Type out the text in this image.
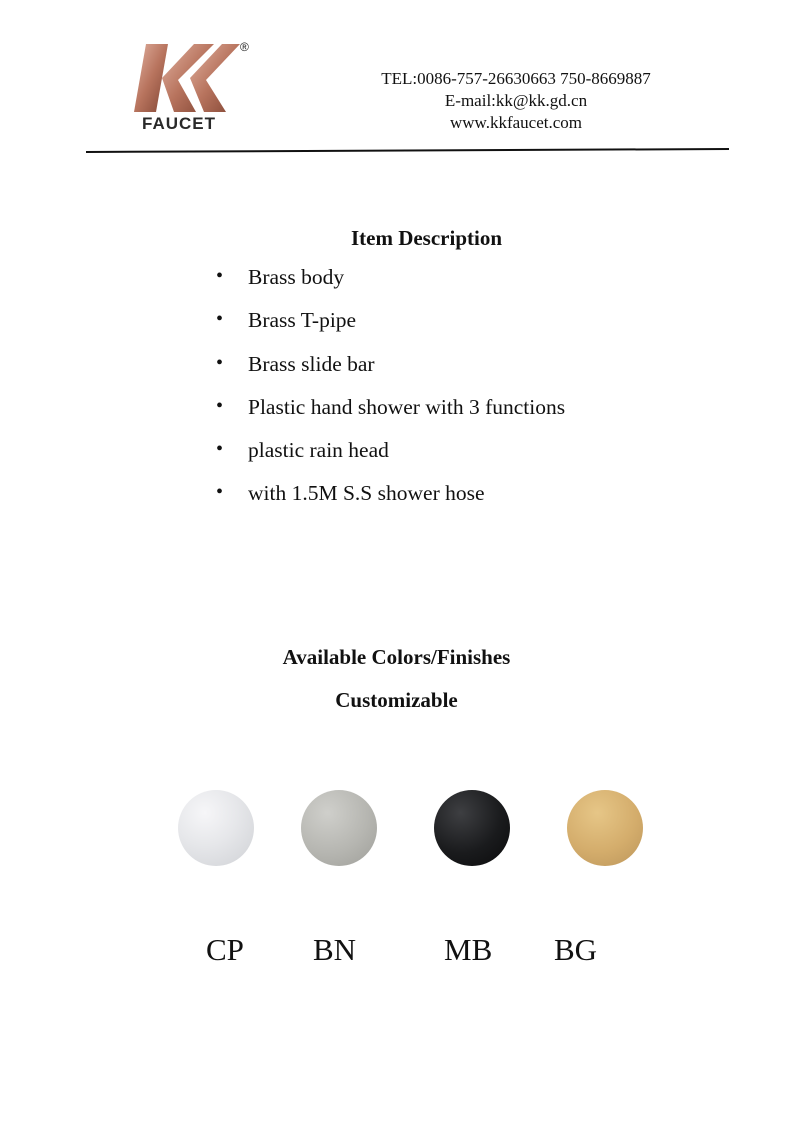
®
FAUCET
TEL:0086-757-26630663 750-8669887
E-mail:kk@kk.gd.cn
www.kkfaucet.com
Item Description
•	Brass body
•	Brass T-pipe
•	Brass slide bar
•	Plastic hand shower with 3 functions
•	plastic rain head
•	with 1.5M S.S shower hose
Available Colors/Finishes
Customizable
CP BN	MB BG
